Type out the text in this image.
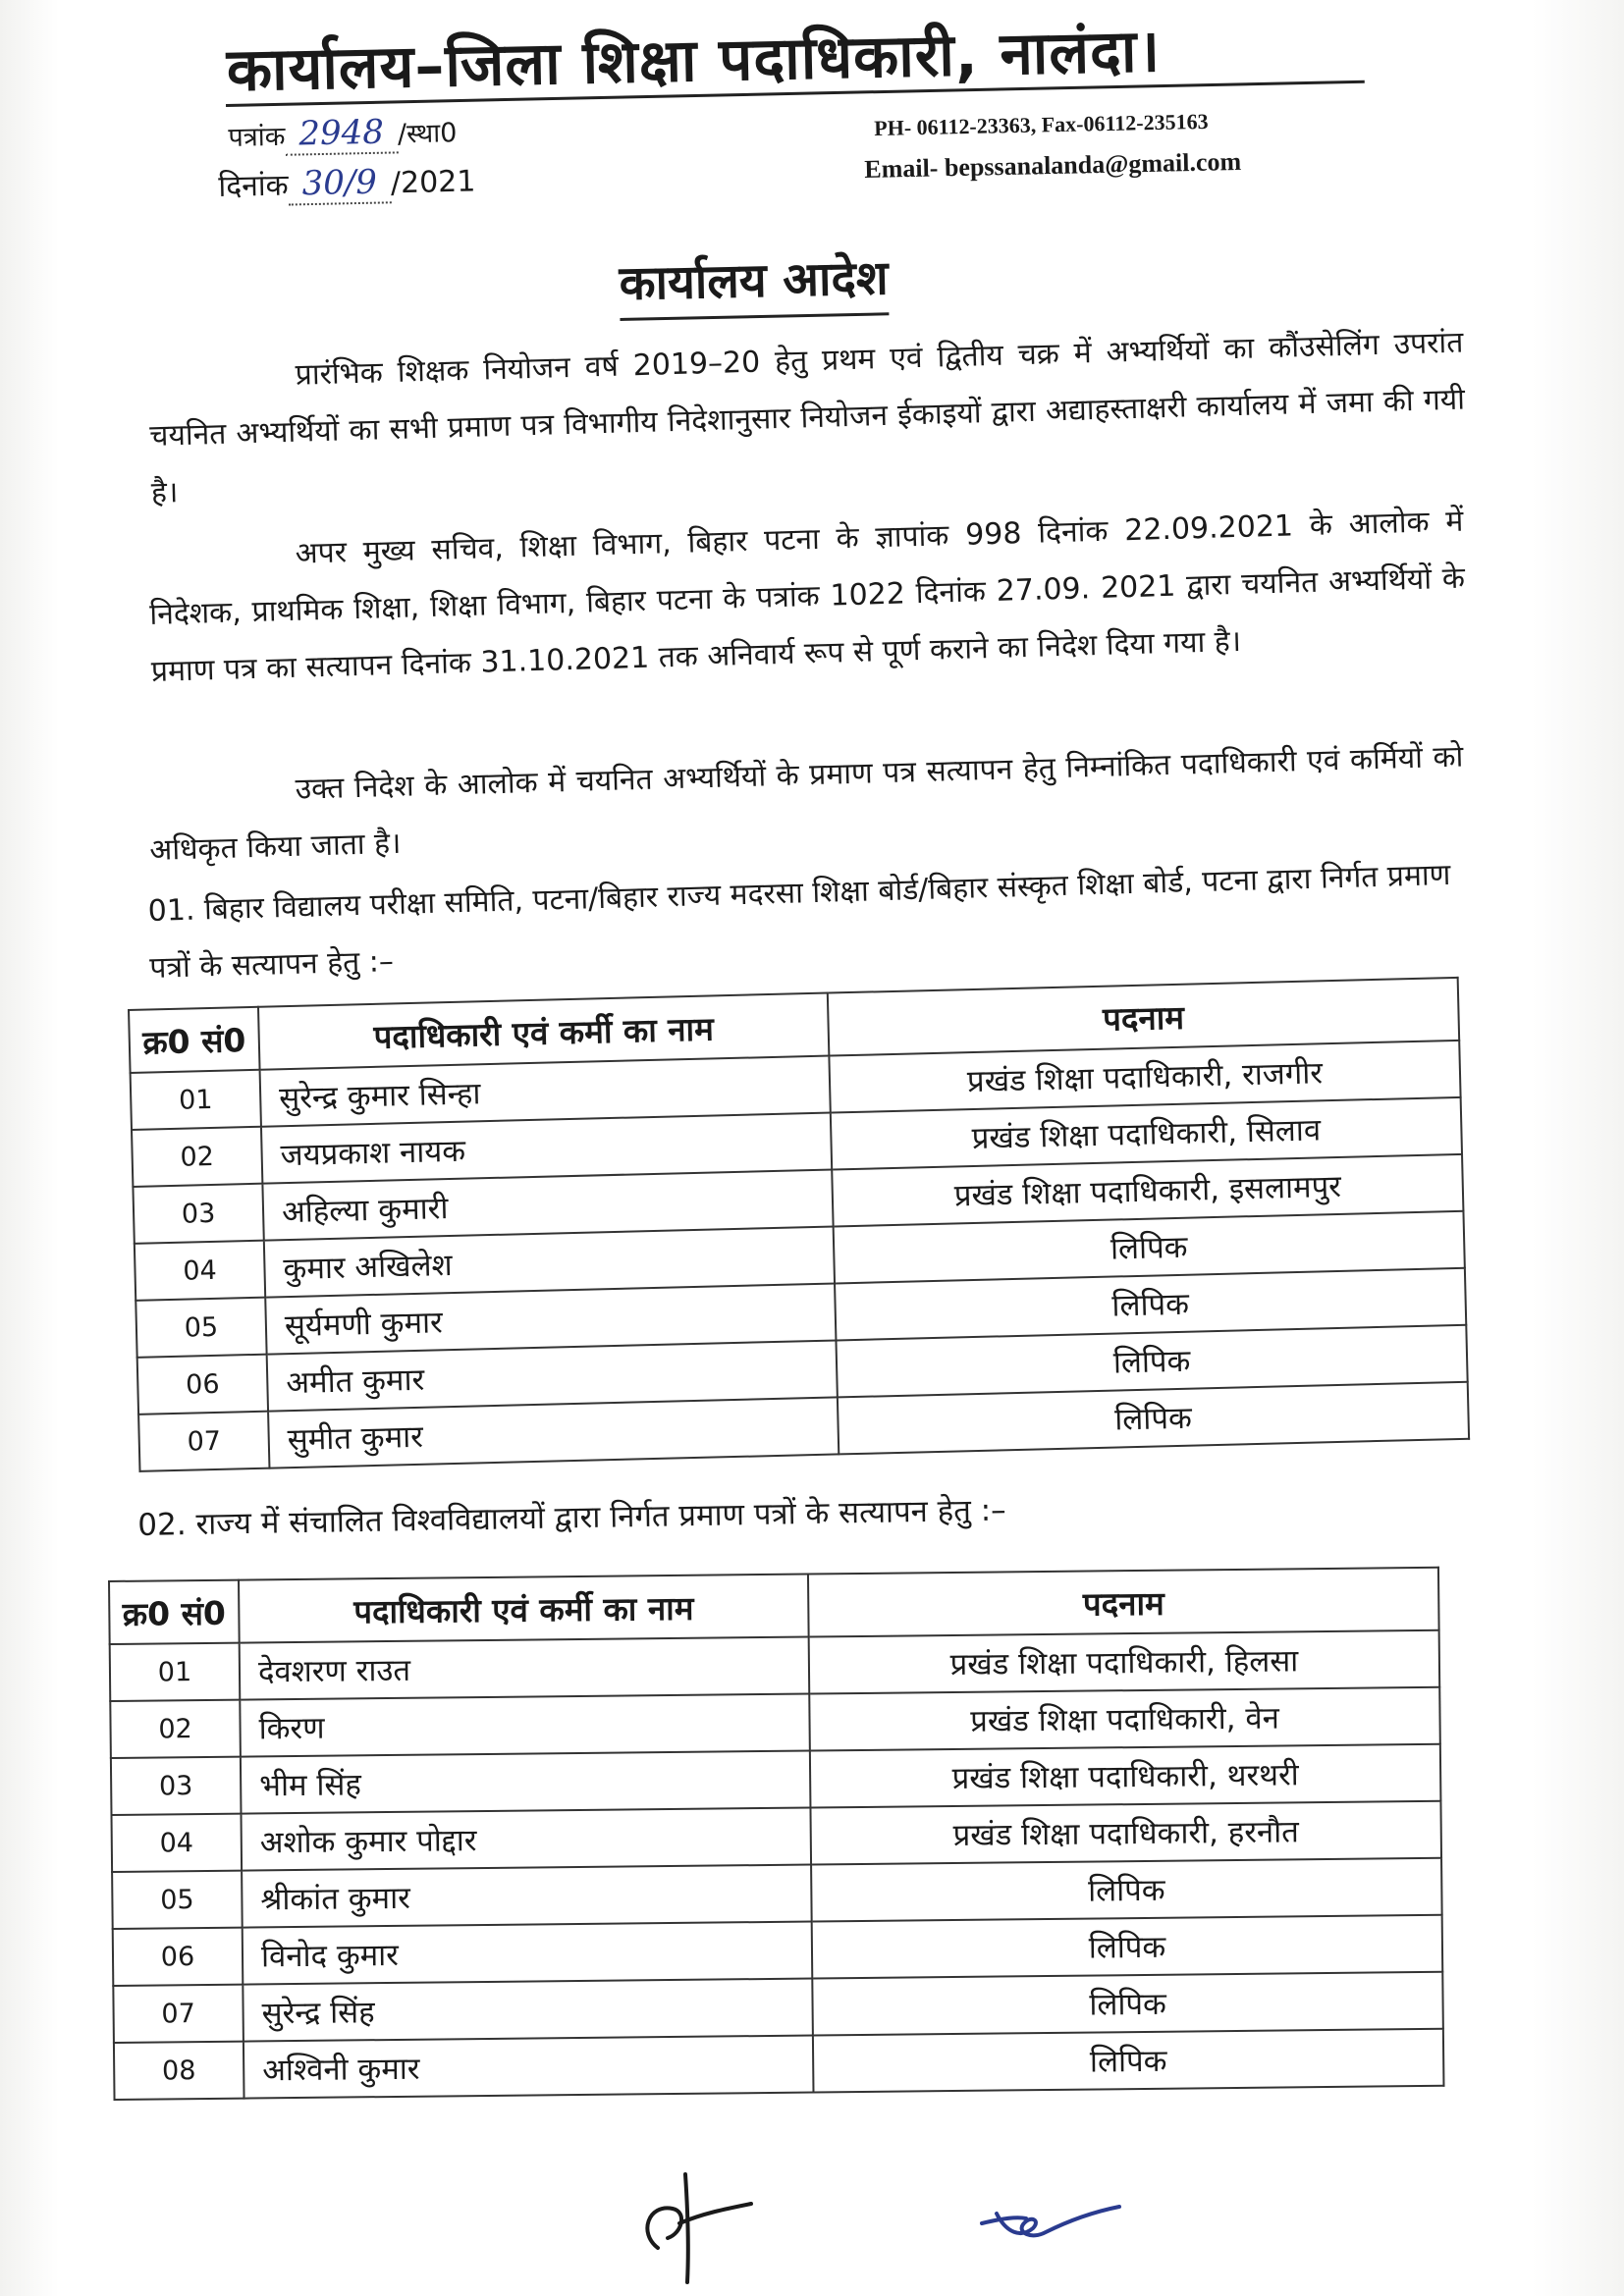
कार्यालय–जिला शिक्षा पदाधिकारी, नालंदा।
पत्रांक 2948 /स्था0
दिनांक 30/9 /2021
PH- 06112-23363, Fax-06112-235163
Email- bepssanalanda@gmail.com
कार्यालय आदेश
प्रारंभिक शिक्षक नियोजन वर्ष 2019–20 हेतु प्रथम एवं द्वितीय चक्र में अभ्यर्थियों का कौंउसेलिंग उपरांत चयनित अभ्यर्थियों का सभी प्रमाण पत्र विभागीय निदेशानुसार नियोजन ईकाइयों द्वारा अद्याहस्ताक्षरी कार्यालय में जमा की गयी है।
अपर मुख्य सचिव, शिक्षा विभाग, बिहार पटना के ज्ञापांक 998 दिनांक 22.09.2021 के आलोक में निदेशक, प्राथमिक शिक्षा, शिक्षा विभाग, बिहार पटना के पत्रांक 1022 दिनांक 27.09. 2021 द्वारा चयनित अभ्यर्थियों के प्रमाण पत्र का सत्यापन दिनांक 31.10.2021 तक अनिवार्य रूप से पूर्ण कराने का निदेश दिया गया है।
उक्त निदेश के आलोक में चयनित अभ्यर्थियों के प्रमाण पत्र सत्यापन हेतु निम्नांकित पदाधिकारी एवं कर्मियों को अधिकृत किया जाता है।
01. बिहार विद्यालय परीक्षा समिति, पटना/बिहार राज्य मदरसा शिक्षा बोर्ड/बिहार संस्कृत शिक्षा बोर्ड, पटना द्वारा निर्गत प्रमाण पत्रों के सत्यापन हेतु :–
क्र0 सं0	पदाधिकारी एवं कर्मी का नाम	पदनाम
01	सुरेन्द्र कुमार सिन्हा	प्रखंड शिक्षा पदाधिकारी, राजगीर
02	जयप्रकाश नायक	प्रखंड शिक्षा पदाधिकारी, सिलाव
03	अहिल्या कुमारी	प्रखंड शिक्षा पदाधिकारी, इसलामपुर
04	कुमार अखिलेश	लिपिक
05	सूर्यमणी कुमार	लिपिक
06	अमीत कुमार	लिपिक
07	सुमीत कुमार	लिपिक
02. राज्य में संचालित विश्वविद्यालयों द्वारा निर्गत प्रमाण पत्रों के सत्यापन हेतु :–
क्र0 सं0	पदाधिकारी एवं कर्मी का नाम	पदनाम
01	देवशरण राउत	प्रखंड शिक्षा पदाधिकारी, हिलसा
02	किरण	प्रखंड शिक्षा पदाधिकारी, वेन
03	भीम सिंह	प्रखंड शिक्षा पदाधिकारी, थरथरी
04	अशोक कुमार पोद्दार	प्रखंड शिक्षा पदाधिकारी, हरनौत
05	श्रीकांत कुमार	लिपिक
06	विनोद कुमार	लिपिक
07	सुरेन्द्र सिंह	लिपिक
08	अश्विनी कुमार	लिपिक
